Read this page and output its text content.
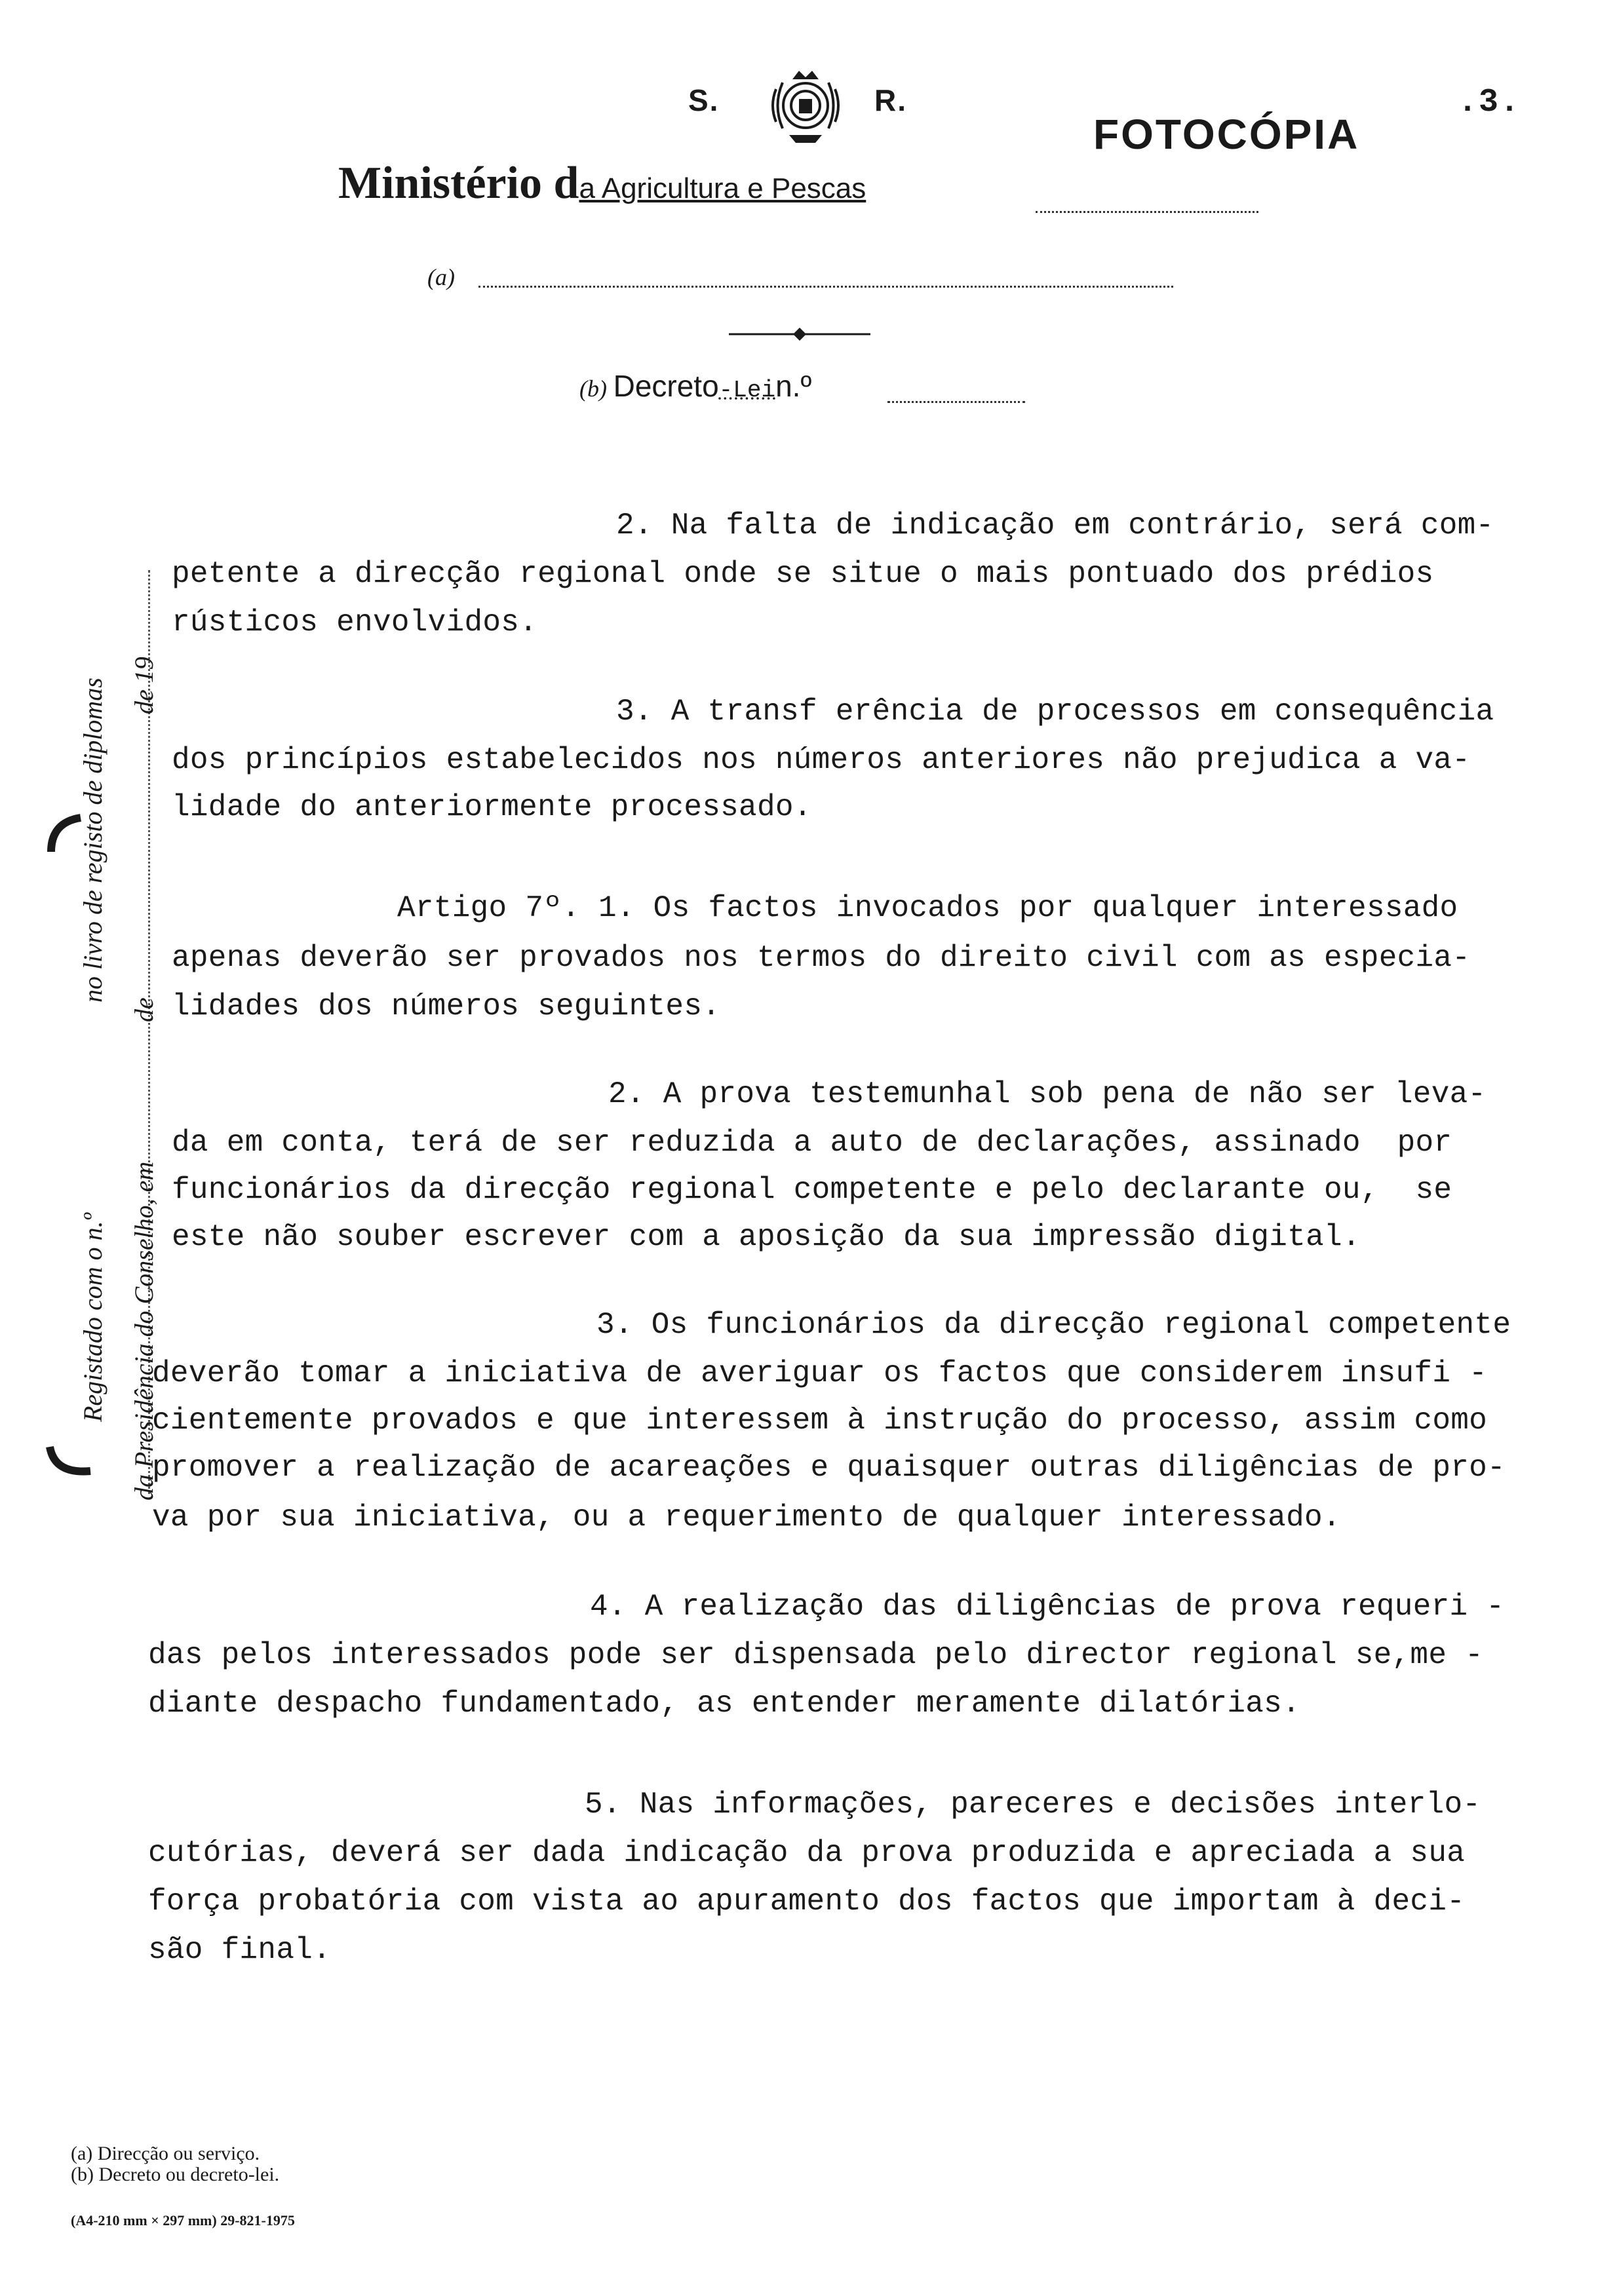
S.	R.
FOTOCÓPIA
.3.
Ministério da Agricultura e Pescas
(a)
(b) Decreto-Lein.º
Registado com o n.º
no livro de registo de diplomas de 19
da Presidência do Conselho, em
de
2. Na falta de indicação em contrário, será com-
petente a direcção regional onde se situe o mais pontuado dos prédios
rústicos envolvidos.
3. A transf erência de processos em consequência
dos princípios estabelecidos nos números anteriores não prejudica a va-
lidade do anteriormente processado.
Artigo 7º. 1. Os factos invocados por qualquer interessado
apenas deverão ser provados nos termos do direito civil com as especia-
lidades dos números seguintes.
2. A prova testemunhal sob pena de não ser leva-
da em conta, terá de ser reduzida a auto de declarações, assinado  por
funcionários da direcção regional competente e pelo declarante ou,  se
este não souber escrever com a aposição da sua impressão digital.
3. Os funcionários da direcção regional competente
deverão tomar a iniciativa de averiguar os factos que considerem insufi -
cientemente provados e que interessem à instrução do processo, assim como
promover a realização de acareações e quaisquer outras diligências de pro-
va por sua iniciativa, ou a requerimento de qualquer interessado.
4. A realização das diligências de prova requeri -
das pelos interessados pode ser dispensada pelo director regional se,me -
diante despacho fundamentado, as entender meramente dilatórias.
5. Nas informações, pareceres e decisões interlo-
cutórias, deverá ser dada indicação da prova produzida e apreciada a sua
força probatória com vista ao apuramento dos factos que importam à deci-
são final.
(a) Direcção ou serviço.
(b) Decreto ou decreto-lei.
(A4-210 mm × 297 mm) 29-821-1975
